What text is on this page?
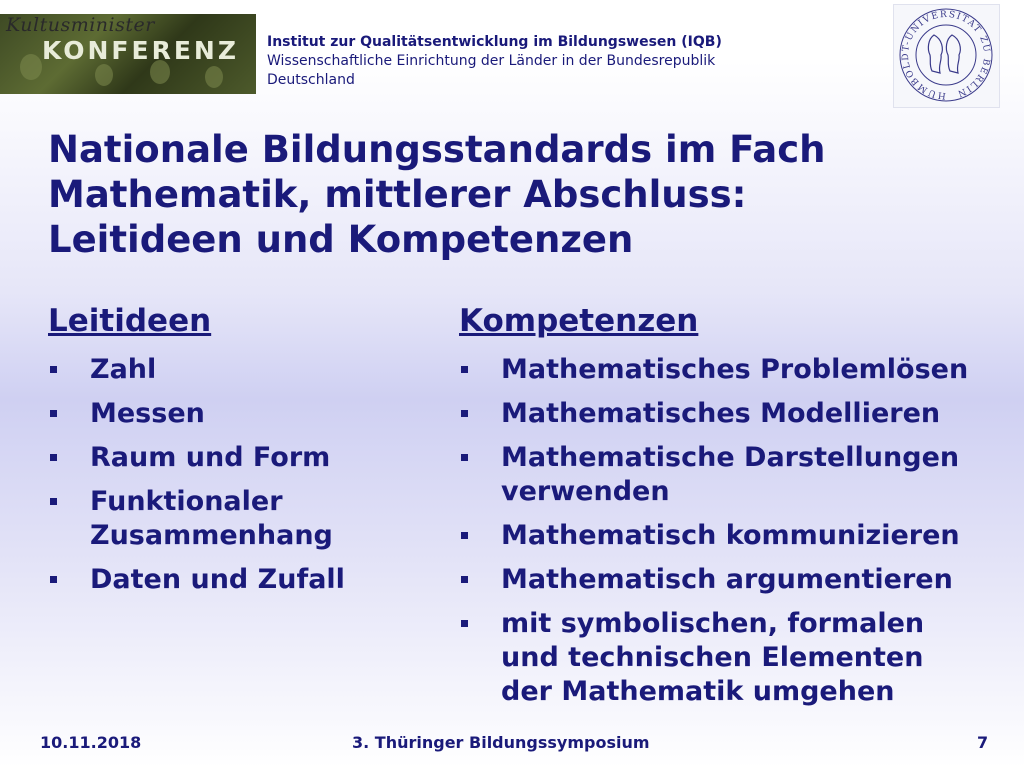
Kultusminister
KONFERENZ Institut zur Qualitätsentwicklung im Bildungswesen (IQB)
Wissenschaftliche Einrichtung der Länder in der Bundesrepublik
Deutschland
HUMBOLDT-UNIVERSITÄT ZU BERLIN
Nationale Bildungsstandards im Fach
Mathematik, mittlerer Abschluss:
Leitideen und Kompetenzen
Leitideen
Zahl
Messen
Raum und Form
Funktionaler
Zusammenhang
Daten und Zufall
Kompetenzen
Mathematisches Problemlösen
Mathematisches Modellieren
Mathematische Darstellungen
verwenden
Mathematisch kommunizieren
Mathematisch argumentieren
mit symbolischen, formalen
und technischen Elementen
der Mathematik umgehen
10.11.2018	3. Thüringer Bildungssymposium	7
